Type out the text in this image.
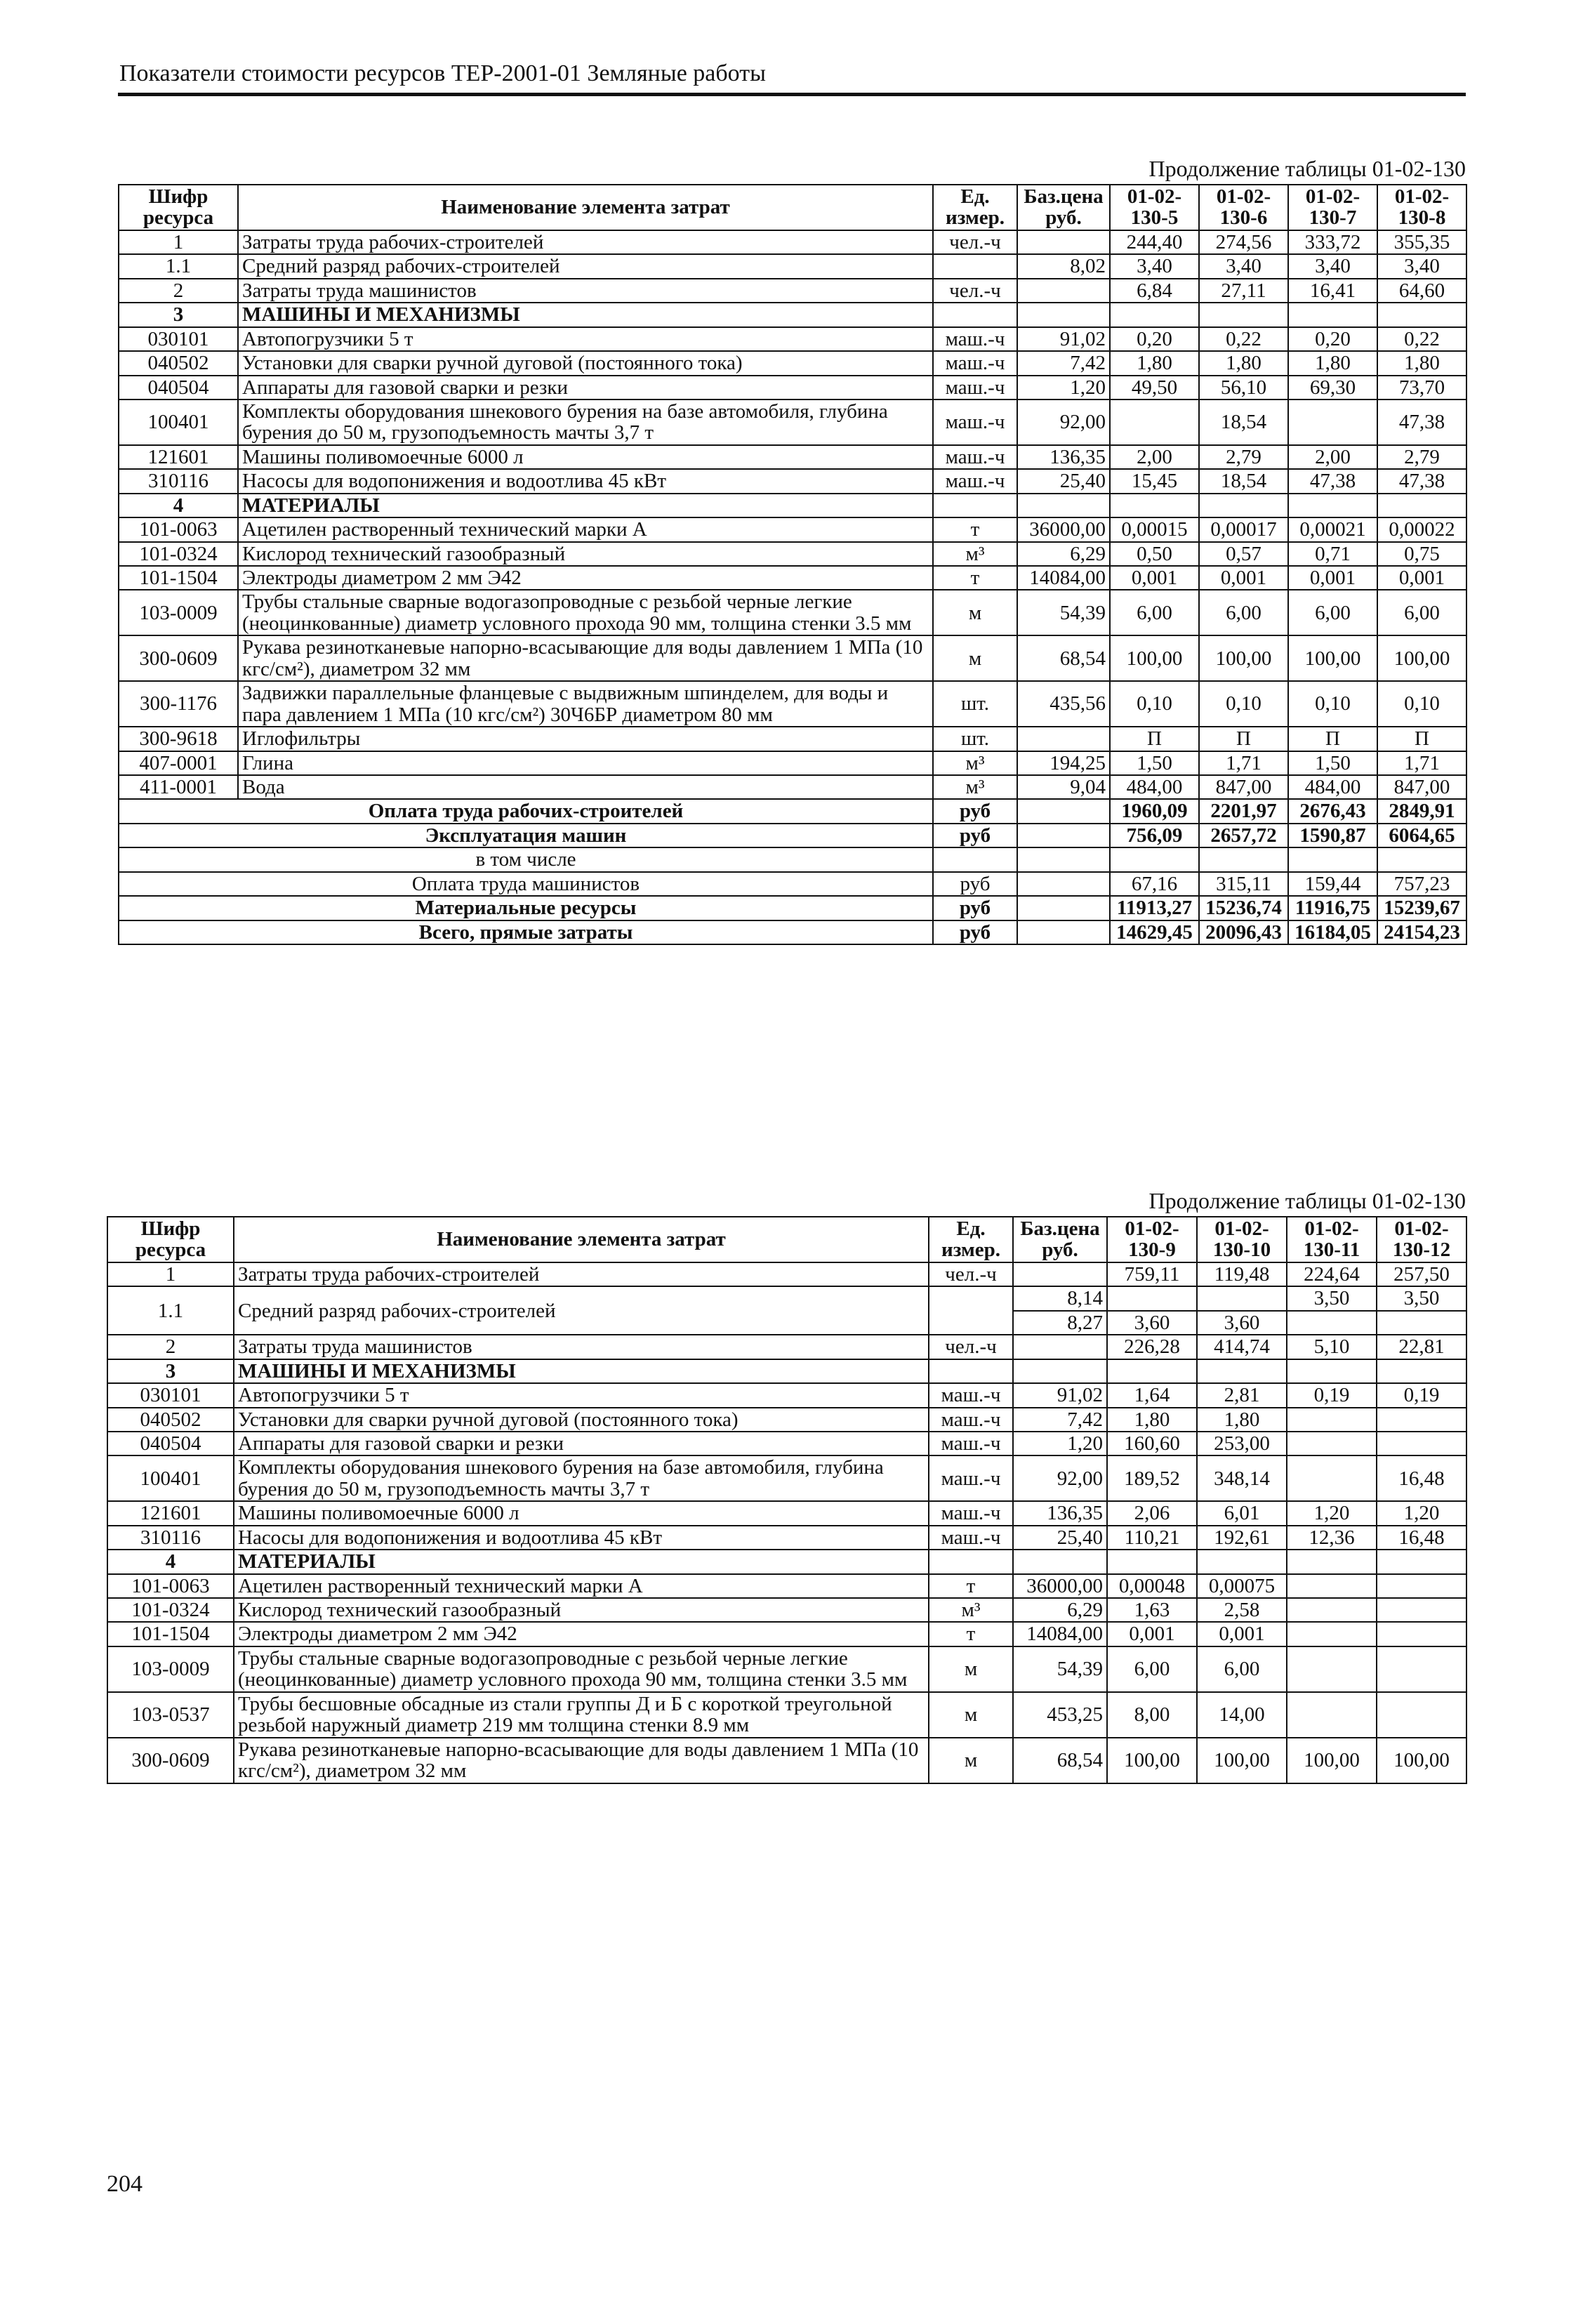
Показатели стоимости ресурсов ТЕР-2001-01 Земляные работы
Продолжение таблицы 01-02-130
Шифр ресурса	Наименование элемента затрат	Ед. измер.	Баз.цена руб.	01-02-130-5	01-02-130-6	01-02-130-7	01-02-130-8
1	Затраты труда рабочих-строителей	чел.-ч		244,40	274,56	333,72	355,35
1.1	Средний разряд рабочих-строителей		8,02	3,40	3,40	3,40	3,40
2	Затраты труда машинистов	чел.-ч		6,84	27,11	16,41	64,60
3	МАШИНЫ И МЕХАНИЗМЫ						
030101	Автопогрузчики 5 т	маш.-ч	91,02	0,20	0,22	0,20	0,22
040502	Установки для сварки ручной дуговой (постоянного тока)	маш.-ч	7,42	1,80	1,80	1,80	1,80
040504	Аппараты для газовой сварки и резки	маш.-ч	1,20	49,50	56,10	69,30	73,70
100401	Комплекты оборудования шнекового бурения на базе автомобиля, глубина бурения до 50 м, грузоподъемность мачты 3,7 т	маш.-ч	92,00		18,54		47,38
121601	Машины поливомоечные 6000 л	маш.-ч	136,35	2,00	2,79	2,00	2,79
310116	Насосы для водопонижения и водоотлива 45 кВт	маш.-ч	25,40	15,45	18,54	47,38	47,38
4	МАТЕРИАЛЫ						
101-0063	Ацетилен растворенный технический марки А	т	36000,00	0,00015	0,00017	0,00021	0,00022
101-0324	Кислород технический газообразный	м³	6,29	0,50	0,57	0,71	0,75
101-1504	Электроды диаметром 2 мм Э42	т	14084,00	0,001	0,001	0,001	0,001
103-0009	Трубы стальные сварные водогазопроводные с резьбой черные легкие (неоцинкованные) диаметр условного прохода 90 мм, толщина стенки 3.5 мм	м	54,39	6,00	6,00	6,00	6,00
300-0609	Рукава резинотканевые напорно-всасывающие для воды давлением 1 МПа (10 кгс/см²), диаметром 32 мм	м	68,54	100,00	100,00	100,00	100,00
300-1176	Задвижки параллельные фланцевые с выдвижным шпинделем, для воды и пара давлением 1 МПа (10 кгс/см²) 30Ч6БР диаметром 80 мм	шт.	435,56	0,10	0,10	0,10	0,10
300-9618	Иглофильтры	шт.		П	П	П	П
407-0001	Глина	м³	194,25	1,50	1,71	1,50	1,71
411-0001	Вода	м³	9,04	484,00	847,00	484,00	847,00
Оплата труда рабочих-строителей		руб		1960,09	2201,97	2676,43	2849,91
Эксплуатация машин		руб		756,09	2657,72	1590,87	6064,65
в том числе							
Оплата труда машинистов		руб		67,16	315,11	159,44	757,23
Материальные ресурсы		руб		11913,27	15236,74	11916,75	15239,67
Всего, прямые затраты		руб		14629,45	20096,43	16184,05	24154,23
Продолжение таблицы 01-02-130
Шифр ресурса	Наименование элемента затрат	Ед. измер.	Баз.цена руб.	01-02-130-9	01-02-130-10	01-02-130-11	01-02-130-12
1	Затраты труда рабочих-строителей	чел.-ч		759,11	119,48	224,64	257,50
1.1	Средний разряд рабочих-строителей		8,14			3,50	3,50
			8,27	3,60	3,60		
2	Затраты труда машинистов	чел.-ч		226,28	414,74	5,10	22,81
3	МАШИНЫ И МЕХАНИЗМЫ						
030101	Автопогрузчики 5 т	маш.-ч	91,02	1,64	2,81	0,19	0,19
040502	Установки для сварки ручной дуговой (постоянного тока)	маш.-ч	7,42	1,80	1,80		
040504	Аппараты для газовой сварки и резки	маш.-ч	1,20	160,60	253,00		
100401	Комплекты оборудования шнекового бурения на базе автомобиля, глубина бурения до 50 м, грузоподъемность мачты 3,7 т	маш.-ч	92,00	189,52	348,14		16,48
121601	Машины поливомоечные 6000 л	маш.-ч	136,35	2,06	6,01	1,20	1,20
310116	Насосы для водопонижения и водоотлива 45 кВт	маш.-ч	25,40	110,21	192,61	12,36	16,48
4	МАТЕРИАЛЫ						
101-0063	Ацетилен растворенный технический марки А	т	36000,00	0,00048	0,00075		
101-0324	Кислород технический газообразный	м³	6,29	1,63	2,58		
101-1504	Электроды диаметром 2 мм Э42	т	14084,00	0,001	0,001		
103-0009	Трубы стальные сварные водогазопроводные с резьбой черные легкие (неоцинкованные) диаметр условного прохода 90 мм, толщина стенки 3.5 мм	м	54,39	6,00	6,00		
103-0537	Трубы бесшовные обсадные из стали группы Д и Б с короткой треугольной резьбой наружный диаметр 219 мм толщина стенки 8.9 мм	м	453,25	8,00	14,00		
300-0609	Рукава резинотканевые напорно-всасывающие для воды давлением 1 МПа (10 кгс/см²), диаметром 32 мм	м	68,54	100,00	100,00	100,00	100,00
204
